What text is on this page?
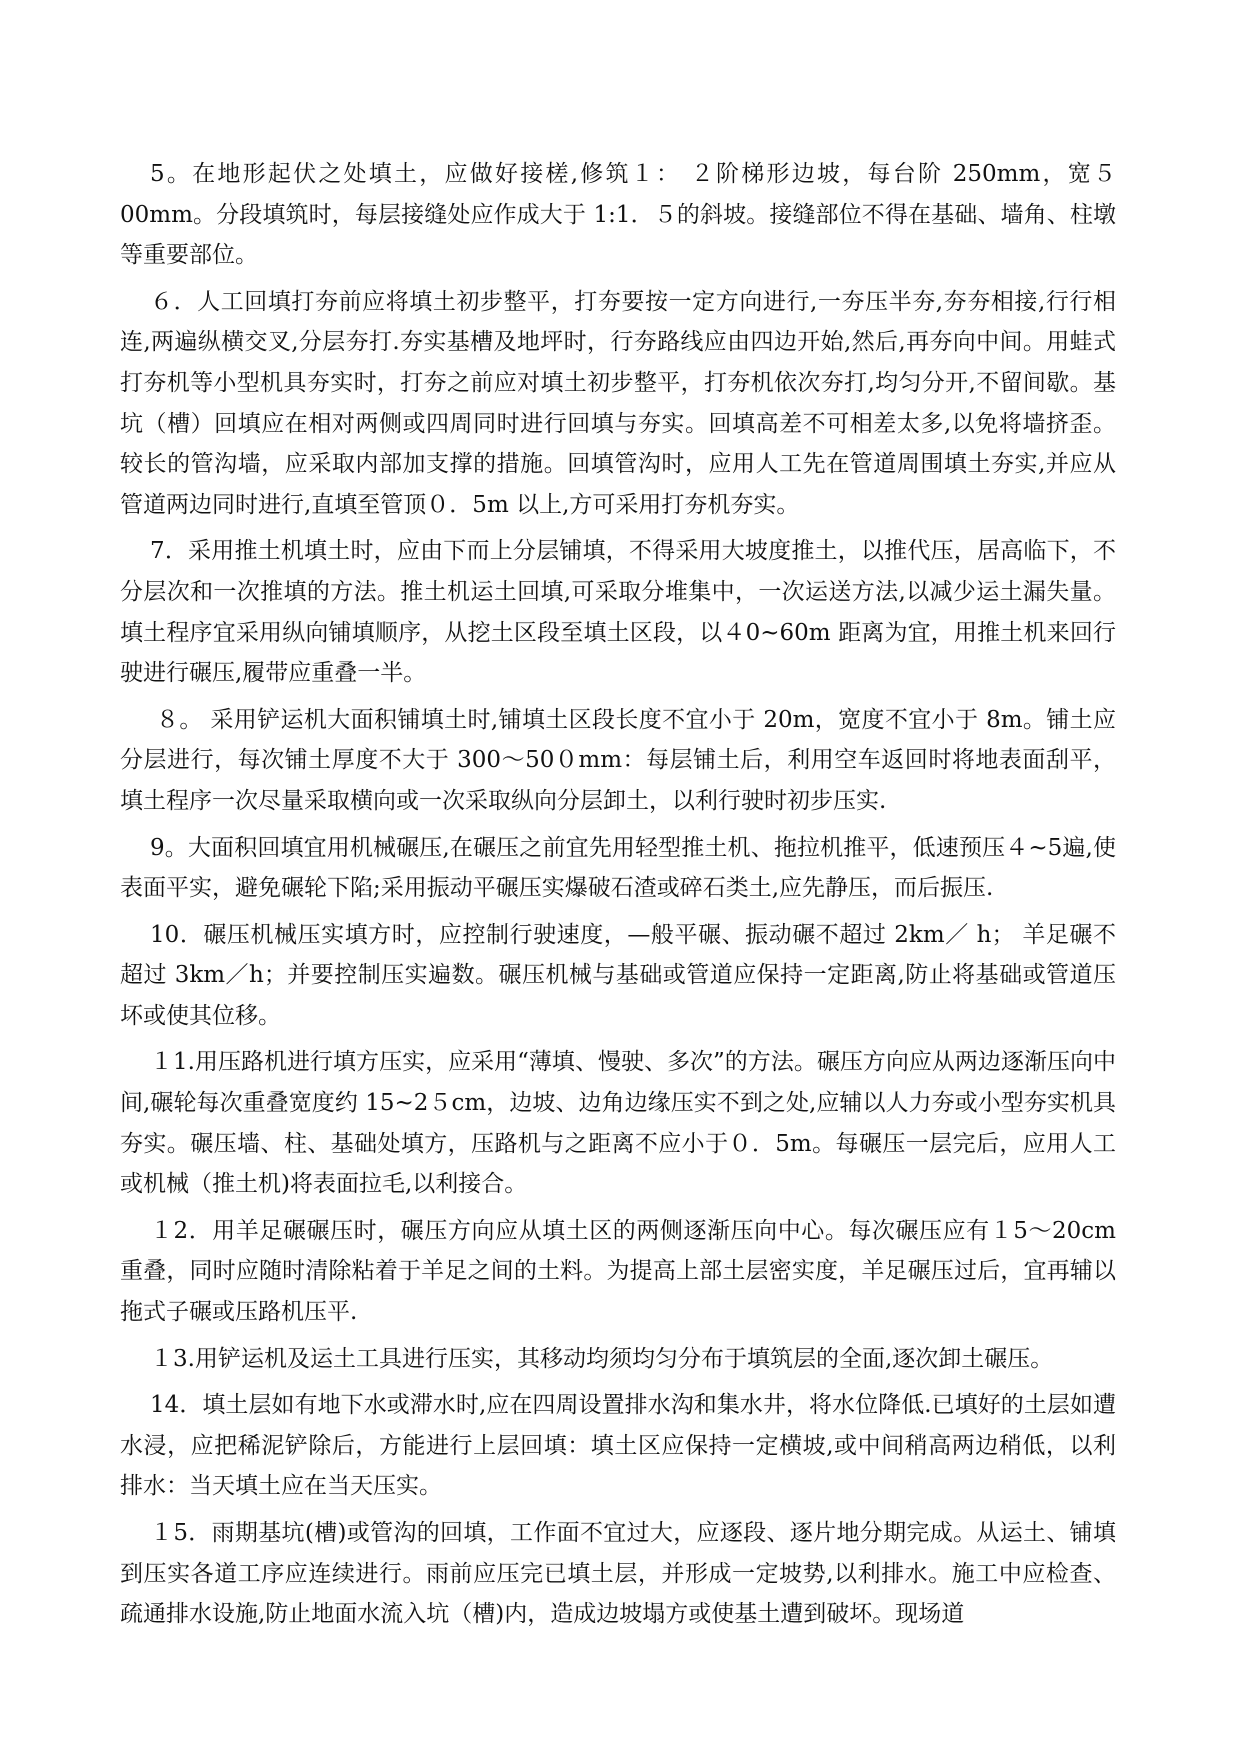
5。在地形起伏之处填土，应做好接槎,修筑１： ２阶梯形边坡，每台阶 250mm，宽５00mm。分段填筑时，每层接缝处应作成大于 1:1．５的斜坡。接缝部位不得在基础、墙角、柱墩等重要部位。

６．人工回填打夯前应将填土初步整平，打夯要按一定方向进行,一夯压半夯,夯夯相接,行行相连,两遍纵横交叉,分层夯打.夯实基槽及地坪时，行夯路线应由四边开始,然后,再夯向中间。用蛙式打夯机等小型机具夯实时，打夯之前应对填土初步整平，打夯机依次夯打,均匀分开,不留间歇。基坑（槽）回填应在相对两侧或四周同时进行回填与夯实。回填高差不可相差太多,以免将墙挤歪。较长的管沟墙，应采取内部加支撑的措施。回填管沟时，应用人工先在管道周围填土夯实,并应从管道两边同时进行,直填至管顶０．5m 以上,方可采用打夯机夯实。

7．采用推土机填土时，应由下而上分层铺填，不得采用大坡度推土，以推代压，居高临下，不分层次和一次推填的方法。推土机运土回填,可采取分堆集中，一次运送方法,以减少运土漏失量。填土程序宜采用纵向铺填顺序，从挖土区段至填土区段，以４0~60m 距离为宜，用推土机来回行驶进行碾压,履带应重叠一半。

８。 采用铲运机大面积铺填土时,铺填土区段长度不宜小于 20m，宽度不宜小于 8m。铺土应分层进行，每次铺土厚度不大于 300～50０mm：每层铺土后，利用空车返回时将地表面刮平，填土程序一次尽量采取横向或一次采取纵向分层卸土，以利行驶时初步压实.

9。大面积回填宜用机械碾压,在碾压之前宜先用轻型推土机、拖拉机推平，低速预压４~5遍,使表面平实，避免碾轮下陷;采用振动平碾压实爆破石渣或碎石类土,应先静压，而后振压.

10．碾压机械压实填方时，应控制行驶速度，—般平碾、振动碾不超过 2km／ h； 羊足碾不超过 3km／h；并要控制压实遍数。碾压机械与基础或管道应保持一定距离,防止将基础或管道压坏或使其位移。

１1.用压路机进行填方压实，应采用“薄填、慢驶、多次”的方法。碾压方向应从两边逐渐压向中间,碾轮每次重叠宽度约 15~2５cm，边坡、边角边缘压实不到之处,应辅以人力夯或小型夯实机具夯实。碾压墙、柱、基础处填方，压路机与之距离不应小于０．5m。每碾压一层完后，应用人工或机械（推土机)将表面拉毛,以利接合。

１2．用羊足碾碾压时，碾压方向应从填土区的两侧逐渐压向中心。每次碾压应有１5～20cm 重叠，同时应随时清除粘着于羊足之间的土料。为提高上部土层密实度，羊足碾压过后，宜再辅以拖式子碾或压路机压平.

１3.用铲运机及运土工具进行压实，其移动均须均匀分布于填筑层的全面,逐次卸土碾压。

14．填土层如有地下水或滞水时,应在四周设置排水沟和集水井，将水位降低.已填好的土层如遭水浸，应把稀泥铲除后，方能进行上层回填：填土区应保持一定横坡,或中间稍高两边稍低，以利排水：当天填土应在当天压实。

１5．雨期基坑(槽)或管沟的回填，工作面不宜过大，应逐段、逐片地分期完成。从运土、铺填到压实各道工序应连续进行。雨前应压完已填土层，并形成一定坡势,以利排水。施工中应检查、疏通排水设施,防止地面水流入坑（槽)内，造成边坡塌方或使基土遭到破坏。现场道
